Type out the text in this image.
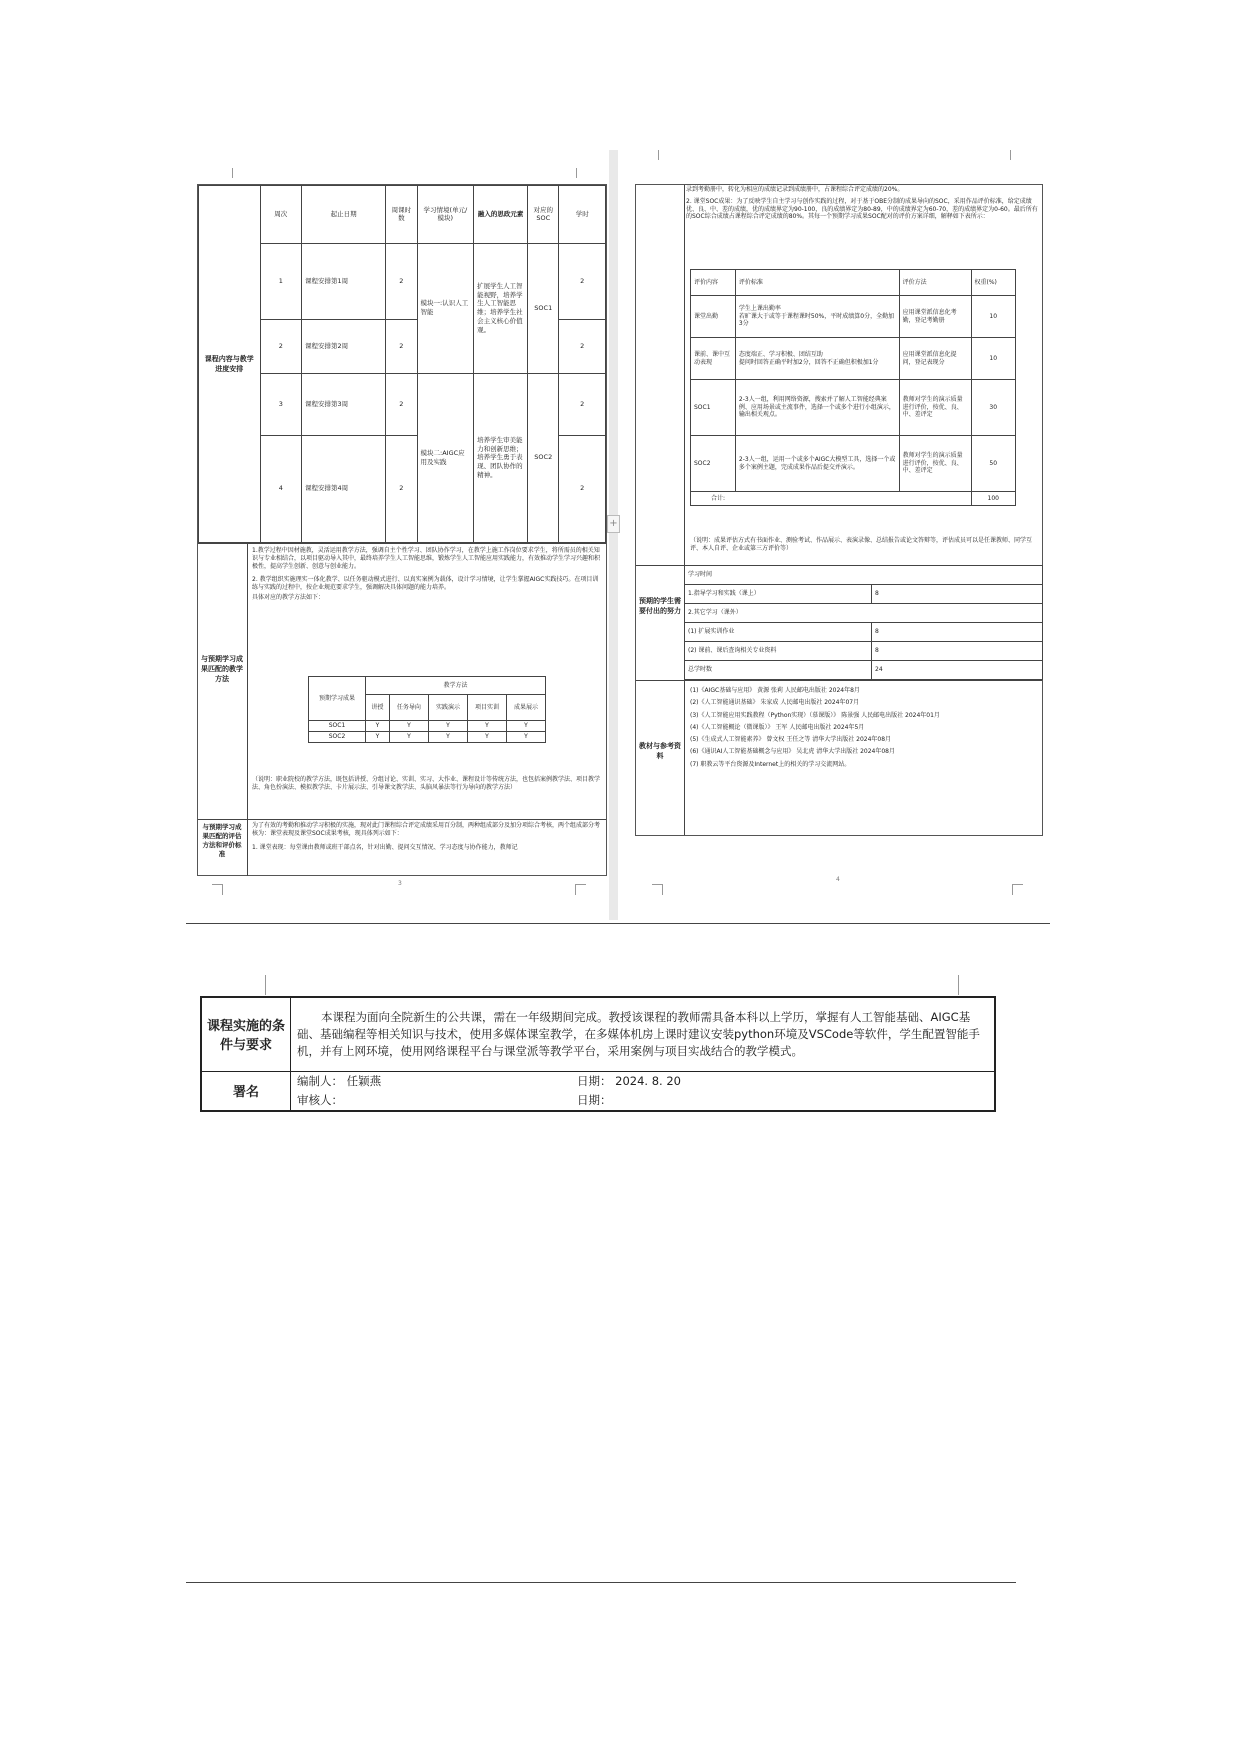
+
课程内容与教学进度安排	周次	起止日期	周课时数	学习情境(单元/模块)	融入的思政元素	对应的SOC	学时
	1	课程安排第1周	2	模块一:认识人工智能	扩展学生人工智能视野，培养学生人工智能思维；培养学生社会主义核心价值观。	SOC1	2
	2	课程安排第2周	2				2
	3	课程安排第3周	2	模块二:AIGC应用及实践	培养学生审美能力和创新思维；培养学生勇于表现、团队协作的精神。	SOC2	2
	4	课程安排第4周	2				2
与预期学习成果匹配的教学方法
1.教学过程中因材施教，灵活运用教学方法，强调自主个性学习、团队协作学习，在教学上施工作岗位要求学生，将所需员的相关知识与专业相结合，以项目驱动导入其中，最终培养学生人工智能思维，锻炼学生人工智能应用实践能力，有效推动学生学习兴趣和积极性，提高学生创新、创意与创业能力。
2. 教学组织实施理实一体化教学、以任务驱动模式进行、以真实案例为载体，设计学习情境，让学生掌握AIGC实践技巧。在项目训练与实践的过程中，按企业规范要求学生，强调解决具体问题的能力培养。
具体对应的教学方法如下：
预期学习成果	教学方法				
	讲授	任务导向	实践演示	项目实训	成果展示
SOC1	Y	Y	Y	Y	Y
SOC2	Y	Y	Y	Y	Y
（说明：职业院校的教学方法，既包括讲授、分组讨论、实训、实习、大作业、课程设计等传统方法，也包括案例教学法、项目教学法、角色扮演法、模拟教学法、卡片展示法、引导课文教学法、头脑风暴法等行为导向的教学方法）
与预期学习成果匹配的评估方法和评价标准
为了有效的考勤和推动学习积极的实施，现对此门课程综合评定成绩采用百分制，两种组成部分及加分项综合考核，两个组成部分考核为：课堂表现及课堂SOC成果考核，现具体列示如下：
1. 课堂表现：每堂课由教师或班干部点名，针对出勤、提问交互情况、学习态度与协作能力，教师记
3
录到考勤册中，转化为相应的成绩记录到成绩册中，占课程综合评定成绩的20%。
2. 课堂SOC成果：为了反映学生自主学习与创作实践的过程，对于基于OBE分制的成果导向的SOC，采用作品评价标准，给定成绩优、良、中、差的成绩，优的成绩界定为90-100，良的成绩界定为80-89，中的成绩界定为60-70，差的成绩界定为0-60。最后所有的SOC综合成绩占课程综合评定成绩的80%。其每一个预期学习成果SOC配对的评价方案详细，解释如下表所示：
评价内容	评价标准	评价方法	权重(%)
课堂出勤	学生上课出勤率
若旷课大于或等于课程课时50%，平时成绩算0分，全勤加3分	应用课堂派信息化考勤，登记考勤册	10
课前、课中互动表现	态度端正、学习积极、团结互助
提问时回答正确平时加2分，回答不正确但积极加1分	应用课堂派信息化提问，登记表现分	10
SOC1	2-3人一组，利用网络资源，搜索并了解人工智能经典案例、应用场景或主流事件，选择一个或多个进行小组演示，输出相关观点。	教师对学生的演示质量进行评价，按优、良、中、差评定	30
SOC2	2-3人一组，运用一个或多个AIGC大模型工具，选择一个或多个案例主题，完成成果作品后提交并演示。	教师对学生的演示质量进行评价，按优、良、中、差评定	50
合计:			100
（说明：成果评估方式有书面作业、测验考试、作品展示、表演录像、总结报告或论文答辩等，评估成员可以是任课教师、同学互评、本人自评、企业或第三方评价等）
预期的学生需要付出的努力
学习时间	
1.指导学习和实践（课上）	8
2.其它学习（课外）	
(1) 扩展实训作业	8
(2) 课前、课后查询相关专业资料	8
总学时数	24
教材与参考资料
(1)《AIGC基础与应用》 黄源 张莉 人民邮电出版社 2024年8月
(2)《人工智能通识基础》 朱家成 人民邮电出版社 2024年07月
(3)《人工智能应用实践教程（Python实现）（慕课版）》 陈景强 人民邮电出版社 2024年01月
(4)《人工智能概论（微课版）》 王军 人民邮电出版社 2024年5月
(5)《生成式人工智能素养》 曾文权 王任之等 清华大学出版社 2024年08月
(6)《通识AI人工智能基础概念与应用》 吴北虎 清华大学出版社 2024年08月
(7) 职教云等平台资源及Internet上的相关的学习交流网站。
4
课程实施的条件与要求	本课程为面向全院新生的公共课，需在一年级期间完成。教授该课程的教师需具备本科以上学历，掌握有人工智能基础、AIGC基础、基础编程等相关知识与技术，使用多媒体课室教学，在多媒体机房上课时建议安装python环境及VSCode等软件，学生配置智能手机，并有上网环境，使用网络课程平台与课堂派等教学平台，采用案例与项目实战结合的教学模式。
署名	编制人： 任颖燕 日期： 2024. 8. 20
审核人： 日期：
